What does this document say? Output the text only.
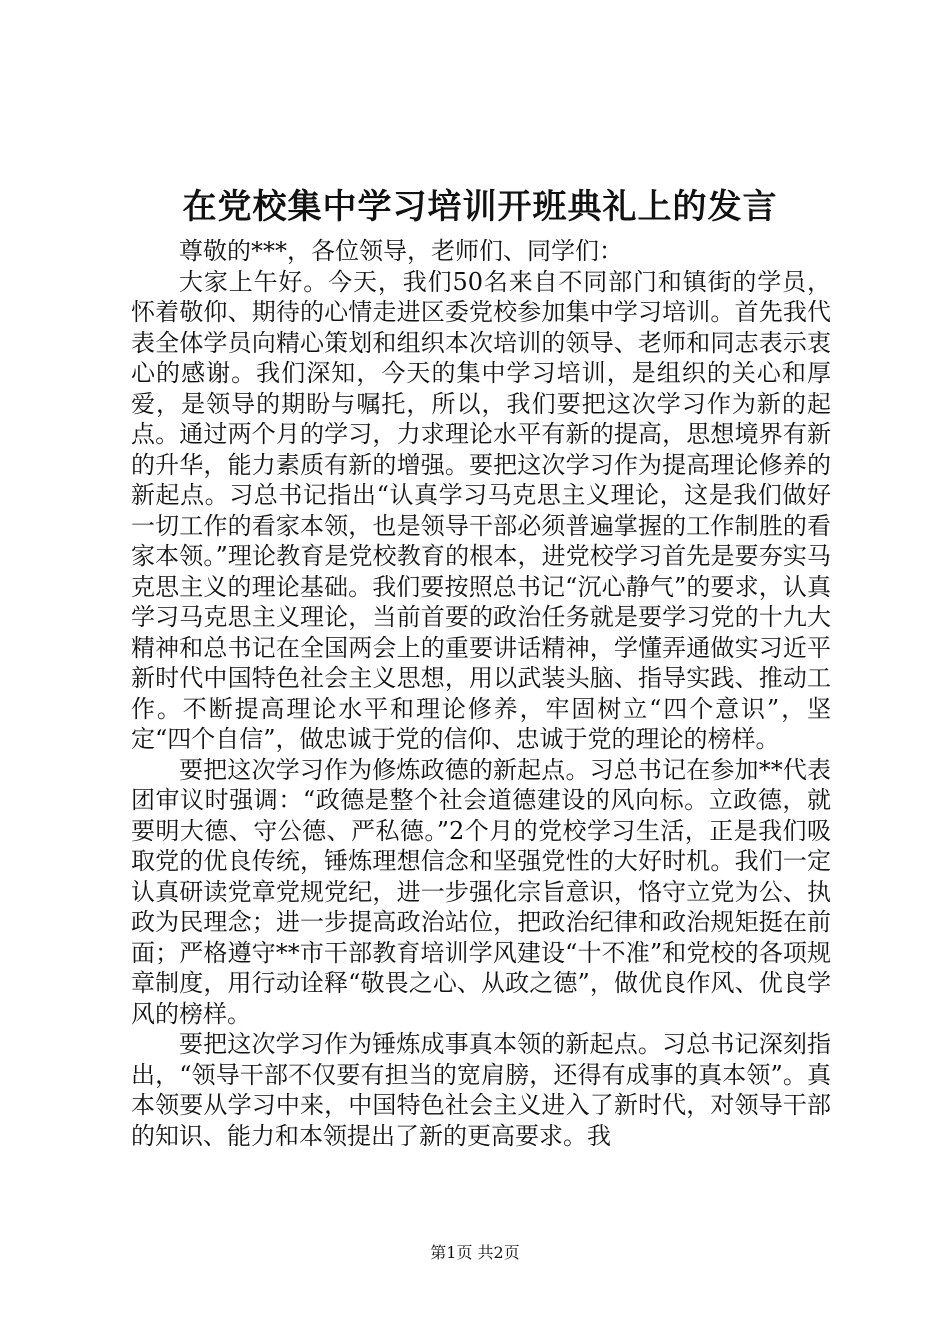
在党校集中学习培训开班典礼上的发言

尊敬的***，各位领导，老师们、同学们：

大家上午好。今天，我们50名来自不同部门和镇街的学员，怀着敬仰、期待的心情走进区委党校参加集中学习培训。首先我代表全体学员向精心策划和组织本次培训的领导、老师和同志表示衷心的感谢。我们深知，今天的集中学习培训，是组织的关心和厚爱，是领导的期盼与嘱托，所以，我们要把这次学习作为新的起点。通过两个月的学习，力求理论水平有新的提高，思想境界有新的升华，能力素质有新的增强。要把这次学习作为提高理论修养的新起点。习总书记指出“认真学习马克思主义理论，这是我们做好一切工作的看家本领，也是领导干部必须普遍掌握的工作制胜的看家本领。”理论教育是党校教育的根本，进党校学习首先是要夯实马克思主义的理论基础。我们要按照总书记“沉心静气”的要求，认真学习马克思主义理论，当前首要的政治任务就是要学习党的十九大精神和总书记在全国两会上的重要讲话精神，学懂弄通做实习近平新时代中国特色社会主义思想，用以武装头脑、指导实践、推动工作。不断提高理论水平和理论修养，牢固树立“四个意识”，坚定“四个自信”，做忠诚于党的信仰、忠诚于党的理论的榜样。

要把这次学习作为修炼政德的新起点。习总书记在参加**代表团审议时强调：“政德是整个社会道德建设的风向标。立政德，就要明大德、守公德、严私德。”2个月的党校学习生活，正是我们吸取党的优良传统，锤炼理想信念和坚强党性的大好时机。我们一定认真研读党章党规党纪，进一步强化宗旨意识，恪守立党为公、执政为民理念；进一步提高政治站位，把政治纪律和政治规矩挺在前面；严格遵守**市干部教育培训学风建设“十不准”和党校的各项规章制度，用行动诠释“敬畏之心、从政之德”，做优良作风、优良学风的榜样。

要把这次学习作为锤炼成事真本领的新起点。习总书记深刻指出，“领导干部不仅要有担当的宽肩膀，还得有成事的真本领”。真本领要从学习中来，中国特色社会主义进入了新时代，对领导干部的知识、能力和本领提出了新的更高要求。我

第1页 共2页
